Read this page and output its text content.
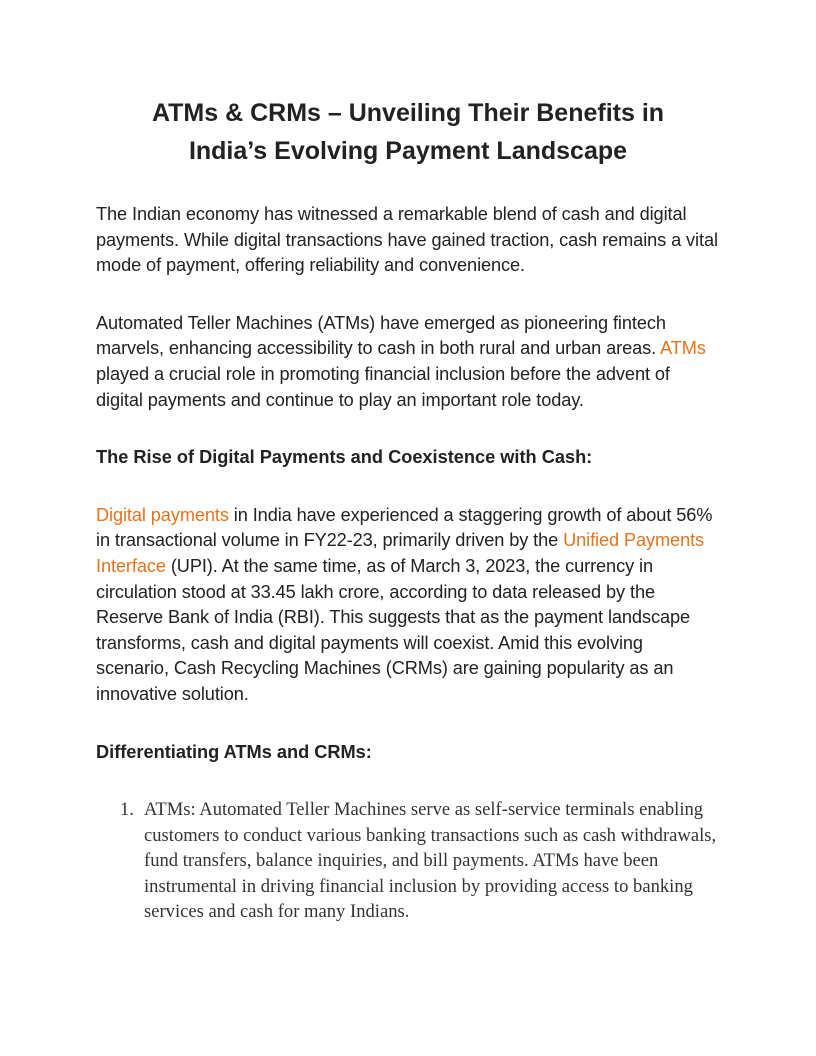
ATMs & CRMs – Unveiling Their Benefits in India’s Evolving Payment Landscape

The Indian economy has witnessed a remarkable blend of cash and digital payments. While digital transactions have gained traction, cash remains a vital mode of payment, offering reliability and convenience.

Automated Teller Machines (ATMs) have emerged as pioneering fintech marvels, enhancing accessibility to cash in both rural and urban areas. ATMs played a crucial role in promoting financial inclusion before the advent of digital payments and continue to play an important role today.

The Rise of Digital Payments and Coexistence with Cash:

Digital payments in India have experienced a staggering growth of about 56% in transactional volume in FY22-23, primarily driven by the Unified Payments Interface (UPI). At the same time, as of March 3, 2023, the currency in circulation stood at 33.45 lakh crore, according to data released by the Reserve Bank of India (RBI). This suggests that as the payment landscape transforms, cash and digital payments will coexist. Amid this evolving scenario, Cash Recycling Machines (CRMs) are gaining popularity as an innovative solution.

Differentiating ATMs and CRMs:
1. ATMs: Automated Teller Machines serve as self-service terminals enabling customers to conduct various banking transactions such as cash withdrawals, fund transfers, balance inquiries, and bill payments. ATMs have been instrumental in driving financial inclusion by providing access to banking services and cash for many Indians.
